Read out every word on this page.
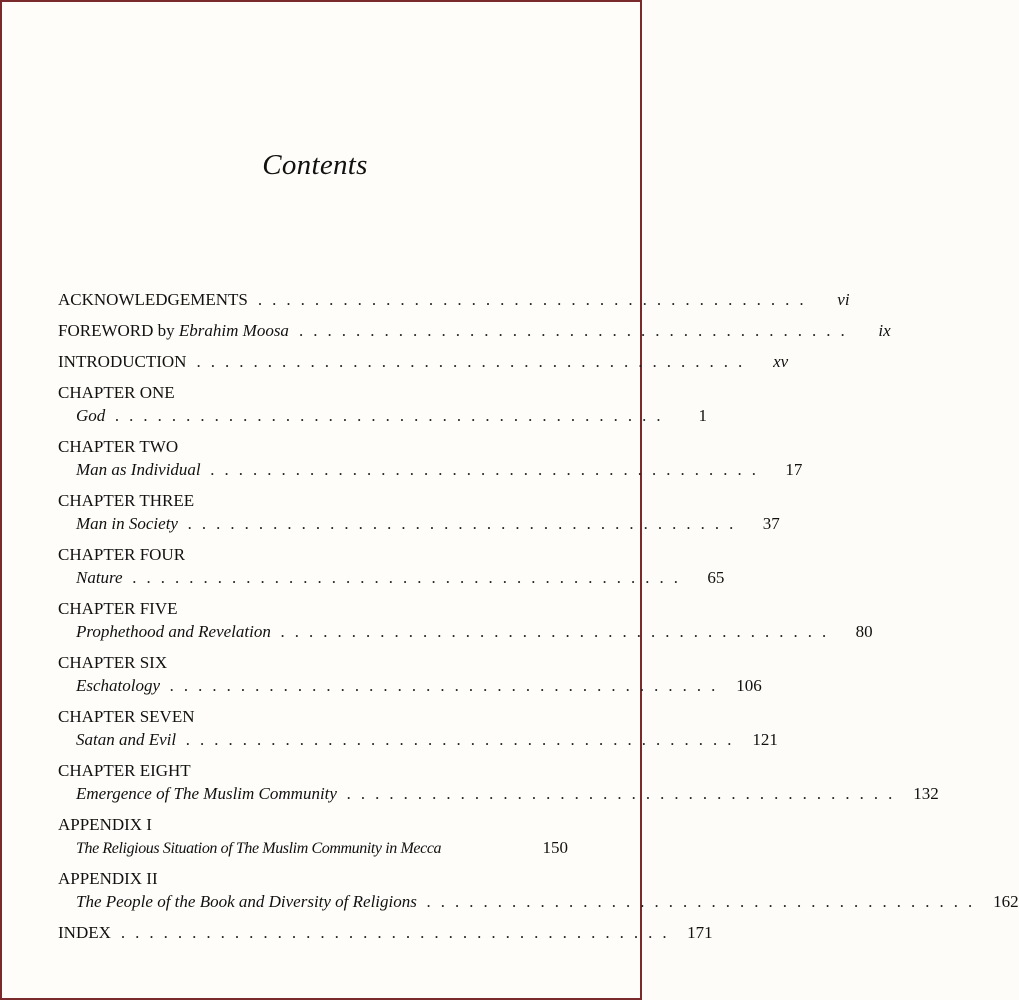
Contents
ACKNOWLEDGEMENTS .......................................	vi
FOREWORD by Ebrahim Moosa .......................................	ix
INTRODUCTION .......................................	xv
CHAPTER ONE
God .......................................	1
CHAPTER TWO
Man as Individual .......................................	17
CHAPTER THREE
Man in Society .......................................	37
CHAPTER FOUR
Nature .......................................	65
CHAPTER FIVE
Prophethood and Revelation .......................................	80
CHAPTER SIX
Eschatology ....................................... 106
CHAPTER SEVEN
Satan and Evil ....................................... 121
CHAPTER EIGHT
Emergence of The Muslim Community ....................................... 132
APPENDIX I
The Religious Situation of The Muslim Community in Mecca	150
APPENDIX II
The People of the Book and Diversity of Religions ....................................... 162
INDEX ....................................... 171
